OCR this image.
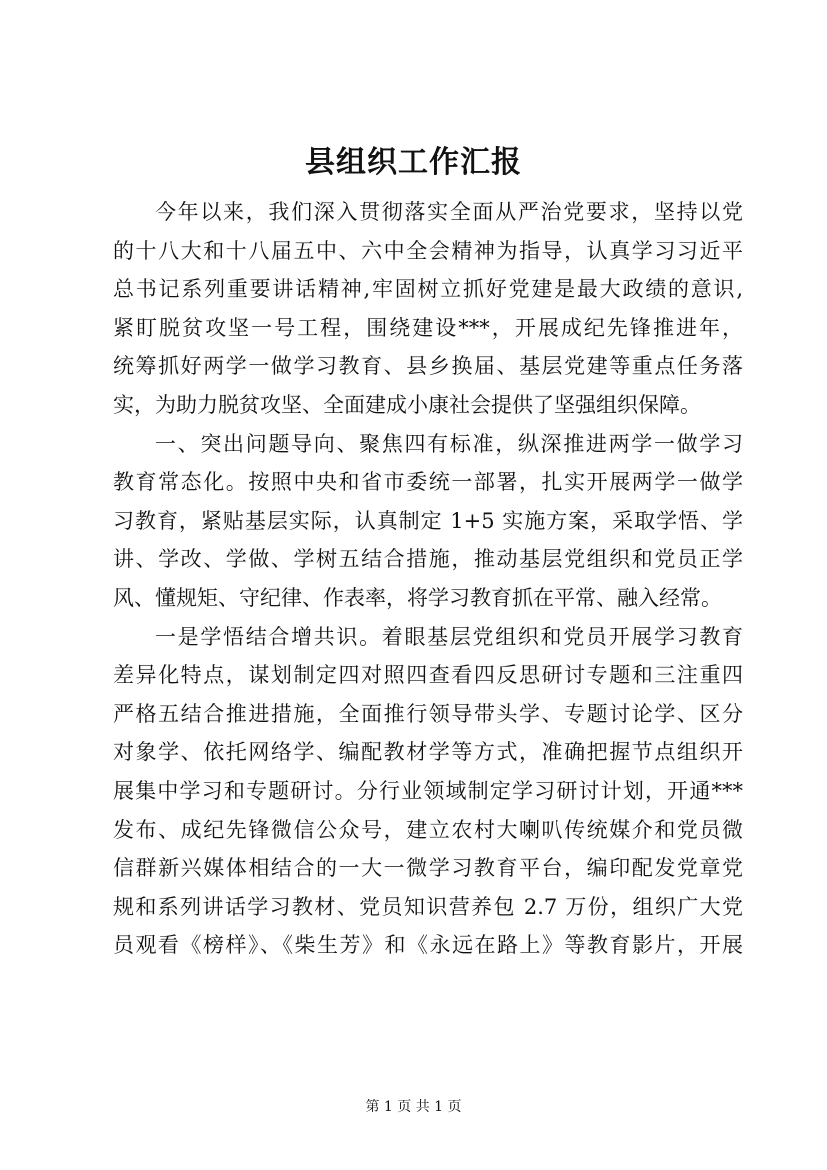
县组织工作汇报
今年以来，我们深入贯彻落实全面从严治党要求，坚持以党
的十八大和十八届五中、六中全会精神为指导，认真学习习近平
总书记系列重要讲话精神,牢固树立抓好党建是最大政绩的意识,
紧盯脱贫攻坚一号工程，围绕建设***，开展成纪先锋推进年，
统筹抓好两学一做学习教育、县乡换届、基层党建等重点任务落
实，为助力脱贫攻坚、全面建成小康社会提供了坚强组织保障。
一、突出问题导向、聚焦四有标准，纵深推进两学一做学习
教育常态化。按照中央和省市委统一部署，扎实开展两学一做学
习教育，紧贴基层实际，认真制定 1+5 实施方案，采取学悟、学
讲、学改、学做、学树五结合措施，推动基层党组织和党员正学
风、懂规矩、守纪律、作表率，将学习教育抓在平常、融入经常。
一是学悟结合增共识。着眼基层党组织和党员开展学习教育
差异化特点，谋划制定四对照四查看四反思研讨专题和三注重四
严格五结合推进措施，全面推行领导带头学、专题讨论学、区分
对象学、依托网络学、编配教材学等方式，准确把握节点组织开
展集中学习和专题研讨。分行业领域制定学习研讨计划，开通***
发布、成纪先锋微信公众号，建立农村大喇叭传统媒介和党员微
信群新兴媒体相结合的一大一微学习教育平台，编印配发党章党
规和系列讲话学习教材、党员知识营养包 2.7 万份，组织广大党
员观看《榜样》、《柴生芳》和《永远在路上》等教育影片，开展
第 1 页 共 1 页
